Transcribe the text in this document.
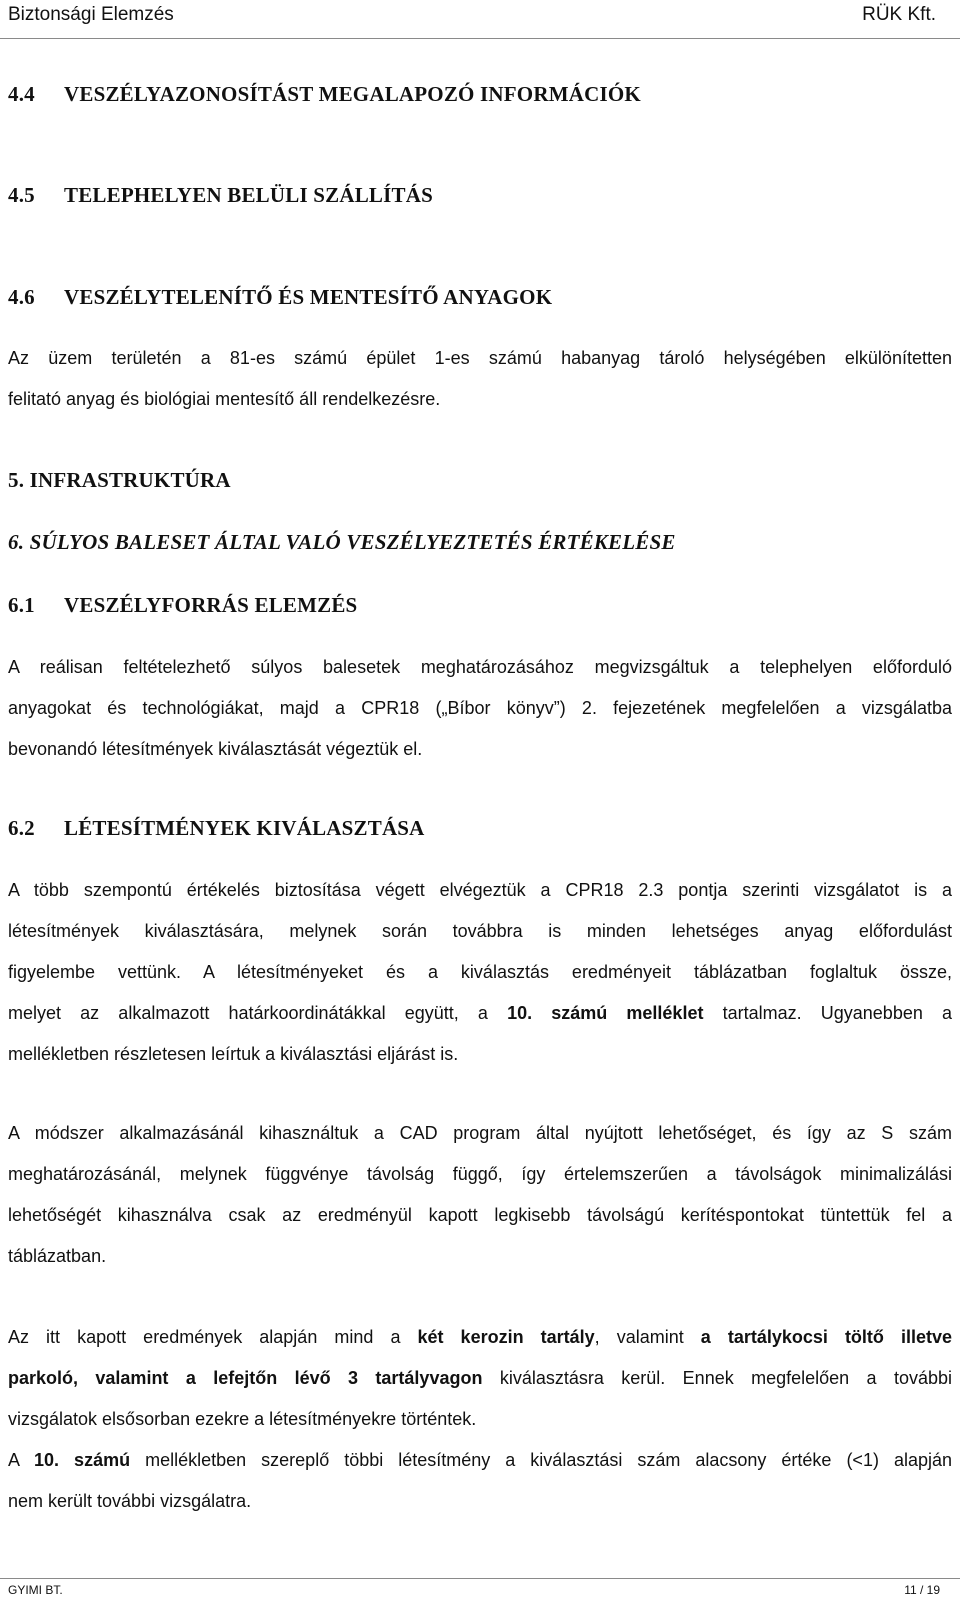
Biztonsági Elemzés	RÜK Kft.
4.4 VESZÉLYAZONOSÍTÁST MEGALAPOZÓ INFORMÁCIÓK
4.5 TELEPHELYEN BELÜLI SZÁLLÍTÁS
4.6 VESZÉLYTELENÍTŐ ÉS MENTESÍTŐ ANYAGOK
Az üzem területén a 81-es számú épület 1-es számú habanyag tároló helységében elkülönítetten
felitató anyag és biológiai mentesítő áll rendelkezésre.
5. INFRASTRUKTÚRA
6. SÚLYOS BALESET ÁLTAL VALÓ VESZÉLYEZTETÉS ÉRTÉKELÉSE
6.1 VESZÉLYFORRÁS ELEMZÉS
A reálisan feltételezhető súlyos balesetek meghatározásához megvizsgáltuk a telephelyen előforduló
anyagokat és technológiákat, majd a CPR18 („Bíbor könyv”) 2. fejezetének megfelelően a vizsgálatba
bevonandó létesítmények kiválasztását végeztük el.
6.2 LÉTESÍTMÉNYEK KIVÁLASZTÁSA
A több szempontú értékelés biztosítása végett elvégeztük a CPR18 2.3 pontja szerinti vizsgálatot is a
létesítmények kiválasztására, melynek során továbbra is minden lehetséges anyag előfordulást
figyelembe vettünk. A létesítményeket és a kiválasztás eredményeit táblázatban foglaltuk össze,
melyet az alkalmazott határkoordinátákkal együtt, a 10. számú melléklet tartalmaz. Ugyanebben a
mellékletben részletesen leírtuk a kiválasztási eljárást is.
A módszer alkalmazásánál kihasználtuk a CAD program által nyújtott lehetőséget, és így az S szám
meghatározásánál, melynek függvénye távolság függő, így értelemszerűen a távolságok minimalizálási
lehetőségét kihasználva csak az eredményül kapott legkisebb távolságú kerítéspontokat tüntettük fel a
táblázatban.
Az itt kapott eredmények alapján mind a két kerozin tartály, valamint a tartálykocsi töltő illetve
parkoló, valamint a lefejtőn lévő 3 tartályvagon kiválasztásra kerül. Ennek megfelelően a további
vizsgálatok elsősorban ezekre a létesítményekre történtek.
A 10. számú mellékletben szereplő többi létesítmény a kiválasztási szám alacsony értéke (<1) alapján
nem került további vizsgálatra.
GYIMI BT.	11 / 19
